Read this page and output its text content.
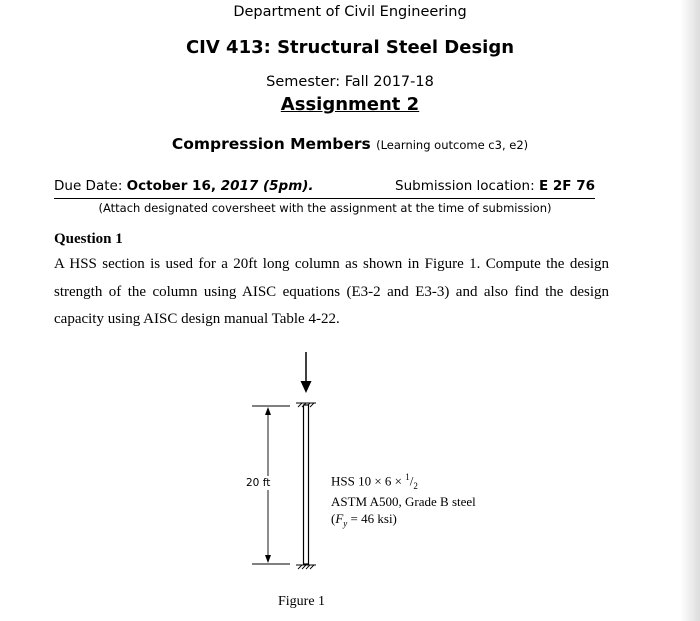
Department of Civil Engineering
CIV 413: Structural Steel Design
Semester: Fall 2017-18
Assignment 2
Compression Members (Learning outcome c3, e2)
Due Date: October 16, 2017 (5pm).	Submission location: E 2F 76
(Attach designated coversheet with the assignment at the time of submission)
Question 1
A HSS section is used for a 20ft long column as shown in Figure 1. Compute the design strength of the column using AISC equations (E3-2 and E3-3) and also find the design capacity using AISC design manual Table 4-22.
20 ft	HSS $10 \times 6 \times ^1/_2$
ASTM A500, Grade B steel
($F_y = 46$ ksi)
Figure 1
